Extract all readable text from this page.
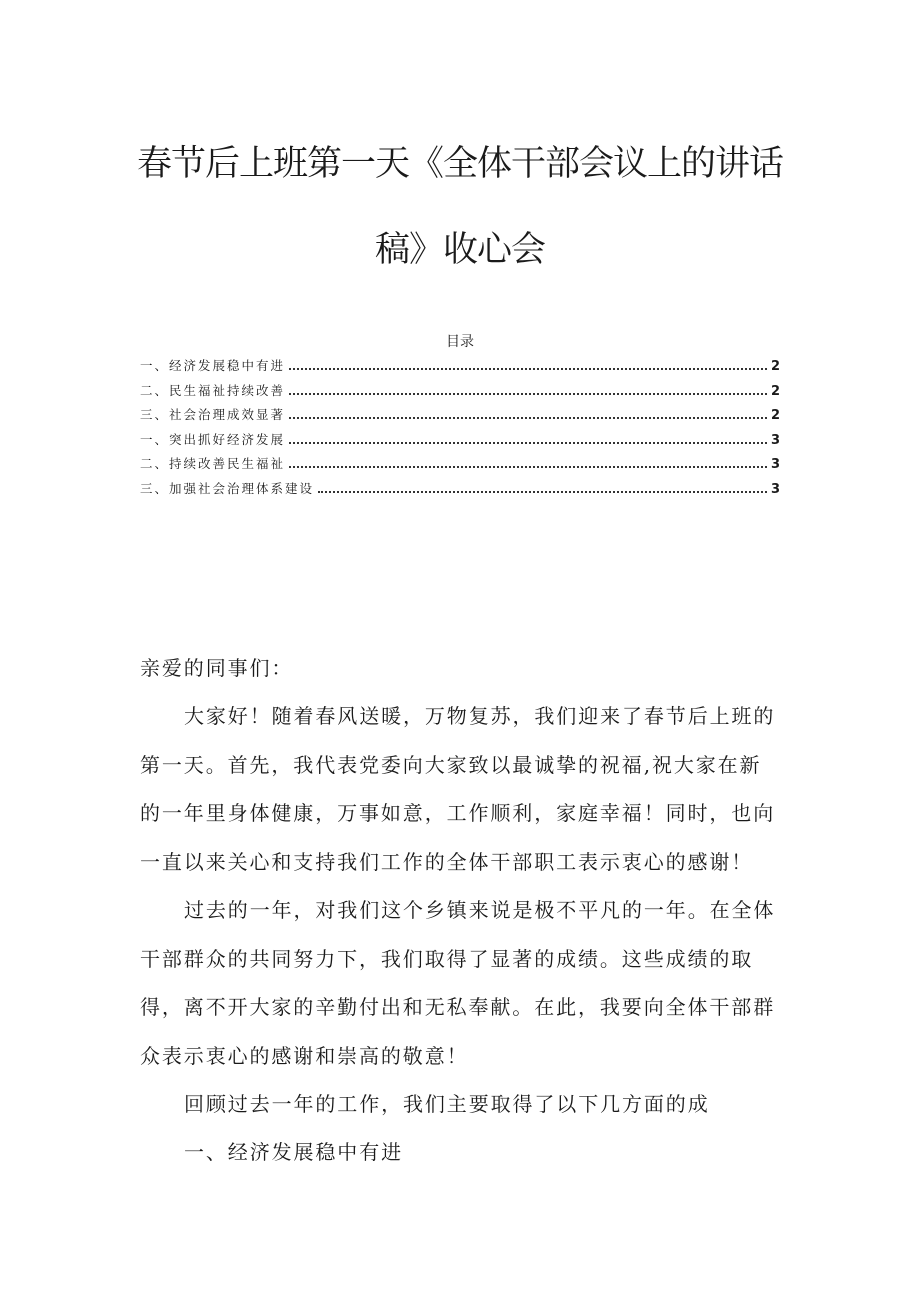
春节后上班第一天《全体干部会议上的讲话
稿》收心会
目录
一、经济发展稳中有进	2
二、民生福祉持续改善	2
三、社会治理成效显著	2
一、突出抓好经济发展	3
二、持续改善民生福祉	3
三、加强社会治理体系建设	3

亲爱的同事们：

大家好！随着春风送暖，万物复苏，我们迎来了春节后上班的第一天。首先，我代表党委向大家致以最诚挚的祝福,祝大家在新的一年里身体健康，万事如意，工作顺利，家庭幸福！同时，也向一直以来关心和支持我们工作的全体干部职工表示衷心的感谢！

过去的一年，对我们这个乡镇来说是极不平凡的一年。在全体干部群众的共同努力下，我们取得了显著的成绩。这些成绩的取得，离不开大家的辛勤付出和无私奉献。在此，我要向全体干部群众表示衷心的感谢和崇高的敬意！

回顾过去一年的工作，我们主要取得了以下几方面的成

一、经济发展稳中有进
